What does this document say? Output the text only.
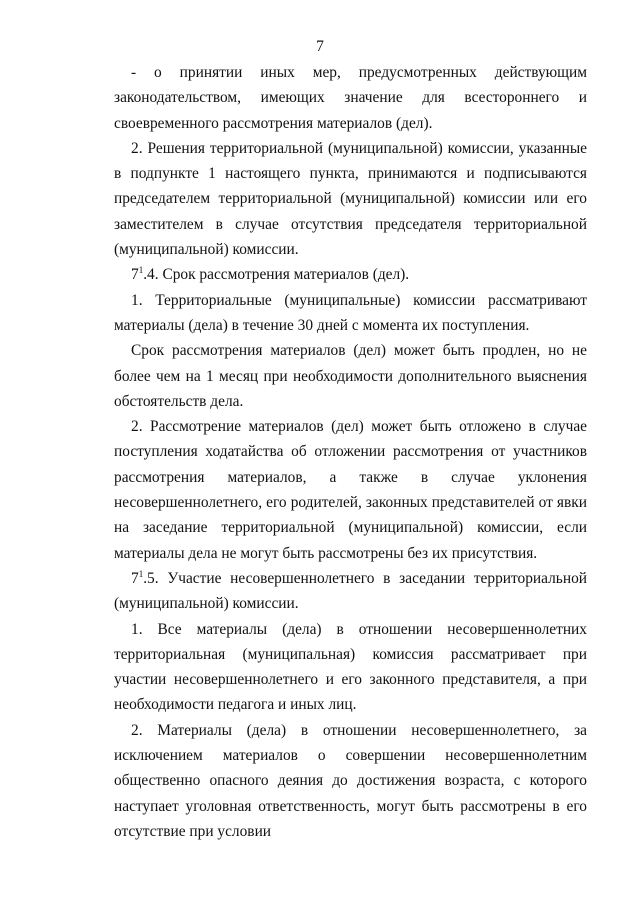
7

- о принятии иных мер, предусмотренных действующим законодательством, имеющих значение для всестороннего и своевременного рассмотрения материалов (дел).

2. Решения территориальной (муниципальной) комиссии, указанные в подпункте 1 настоящего пункта, принимаются и подписываются председателем территориальной (муниципальной) комиссии или его заместителем в случае отсутствия председателя территориальной (муниципальной) комиссии.

$7^1.4$. Срок рассмотрения материалов (дел).

1. Территориальные (муниципальные) комиссии рассматривают материалы (дела) в течение 30 дней с момента их поступления.

Срок рассмотрения материалов (дел) может быть продлен, но не более чем на 1 месяц при необходимости дополнительного выяснения обстоятельств дела.

2. Рассмотрение материалов (дел) может быть отложено в случае поступления ходатайства об отложении рассмотрения от участников рассмотрения материалов, а также в случае уклонения несовершеннолетнего, его родителей, законных представителей от явки на заседание территориальной (муниципальной) комиссии, если материалы дела не могут быть рассмотрены без их присутствия.

$7^1.5$. Участие несовершеннолетнего в заседании территориальной (муниципальной) комиссии.

1. Все материалы (дела) в отношении несовершеннолетних территориальная (муниципальная) комиссия рассматривает при участии несовершеннолетнего и его законного представителя, а при необходимости педагога и иных лиц.

2. Материалы (дела) в отношении несовершеннолетнего, за исключением материалов о совершении несовершеннолетним общественно опасного деяния до достижения возраста, с которого наступает уголовная ответственность, могут быть рассмотрены в его отсутствие при условии
